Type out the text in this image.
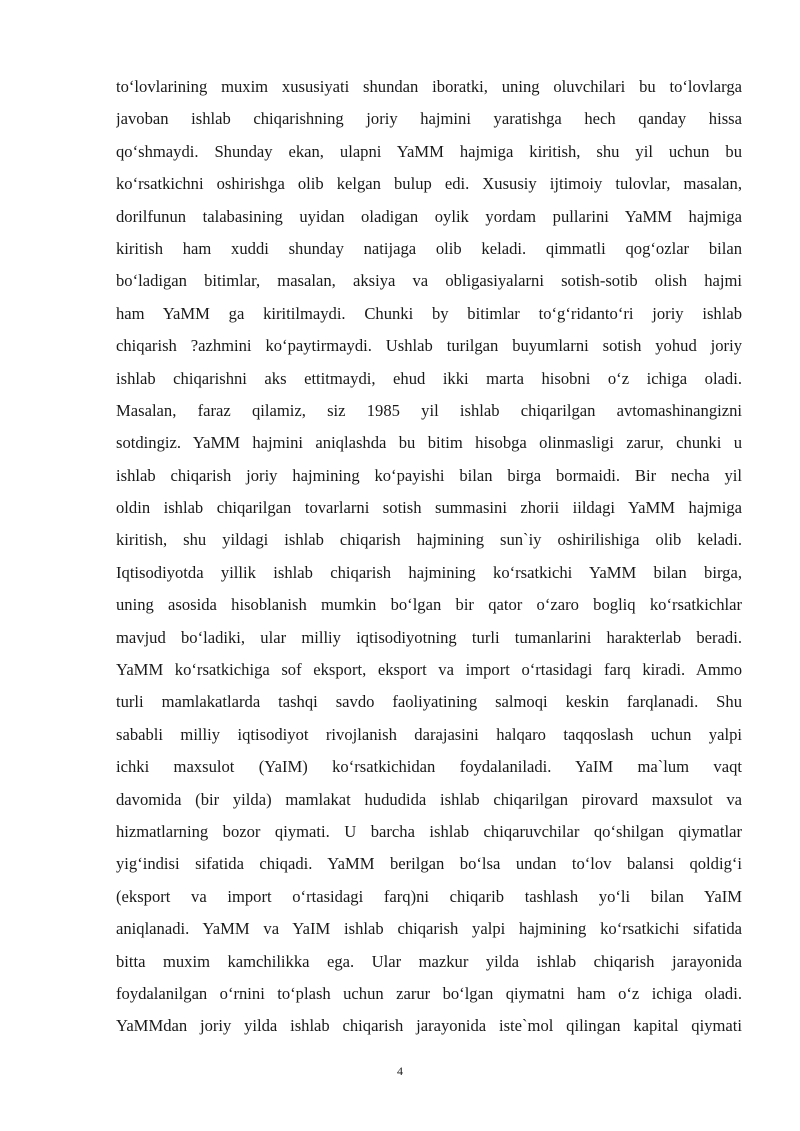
to‘lovlarining muxim xususiyati shundan iboratki, uning oluvchilari bu to‘lovlarga
javoban ishlab chiqarishning joriy hajmini yaratishga hech qanday hissa
qo‘shmaydi. Shunday ekan, ulapni YaMM hajmiga kiritish, shu yil uchun bu
ko‘rsatkichni oshirishga olib kelgan bulup edi. Xususiy ijtimoiy tulovlar, masalan,
dorilfunun talabasining uyidan oladigan oylik yordam pullarini YaMM hajmiga
kiritish ham xuddi shunday natijaga olib keladi. qimmatli qog‘ozlar bilan
bo‘ladigan bitimlar, masalan, aksiya va obligasiyalarni sotish-sotib olish hajmi
ham YaMM ga kiritilmaydi. Chunki by bitimlar to‘g‘ridanto‘ri joriy ishlab
chiqarish ?azhmini ko‘paytirmaydi. Ushlab turilgan buyumlarni sotish yohud joriy
ishlab chiqarishni aks ettitmaydi, ehud ikki marta hisobni o‘z ichiga oladi.
Masalan, faraz qilamiz, siz 1985 yil ishlab chiqarilgan avtomashinangizni
sotdingiz. YaMM hajmini aniqlashda bu bitim hisobga olinmasligi zarur, chunki u
ishlab chiqarish joriy hajmining ko‘payishi bilan birga bormaidi. Bir necha yil
oldin ishlab chiqarilgan tovarlarni sotish summasini zhorii iildagi YaMM hajmiga
kiritish, shu yildagi ishlab chiqarish hajmining sun`iy oshirilishiga olib keladi.
Iqtisodiyotda yillik ishlab chiqarish hajmining ko‘rsatkichi YaMM bilan birga,
uning asosida hisoblanish mumkin bo‘lgan bir qator o‘zaro bogliq ko‘rsatkichlar
mavjud bo‘ladiki, ular milliy iqtisodiyotning turli tumanlarini harakterlab beradi.
YaMM ko‘rsatkichiga sof eksport, eksport va import o‘rtasidagi farq kiradi. Ammo
turli mamlakatlarda tashqi savdo faoliyatining salmoqi keskin farqlanadi. Shu
sababli milliy iqtisodiyot rivojlanish darajasini halqaro taqqoslash uchun yalpi
ichki maxsulot (YaIM) ko‘rsatkichidan foydalaniladi. YaIM ma`lum vaqt
davomida (bir yilda) mamlakat hududida ishlab chiqarilgan pirovard maxsulot va
hizmatlarning bozor qiymati. U barcha ishlab chiqaruvchilar qo‘shilgan qiymatlar
yig‘indisi sifatida chiqadi. YaMM berilgan bo‘lsa undan to‘lov balansi qoldig‘i
(eksport va import o‘rtasidagi farq)ni chiqarib tashlash yo‘li bilan YaIM
aniqlanadi. YaMM va YaIM ishlab chiqarish yalpi hajmining ko‘rsatkichi sifatida
bitta muxim kamchilikka ega. Ular mazkur yilda ishlab chiqarish jarayonida
foydalanilgan o‘rnini to‘plash uchun zarur bo‘lgan qiymatni ham o‘z ichiga oladi.
YaMMdan joriy yilda ishlab chiqarish jarayonida iste`mol qilingan kapital qiymati
4
